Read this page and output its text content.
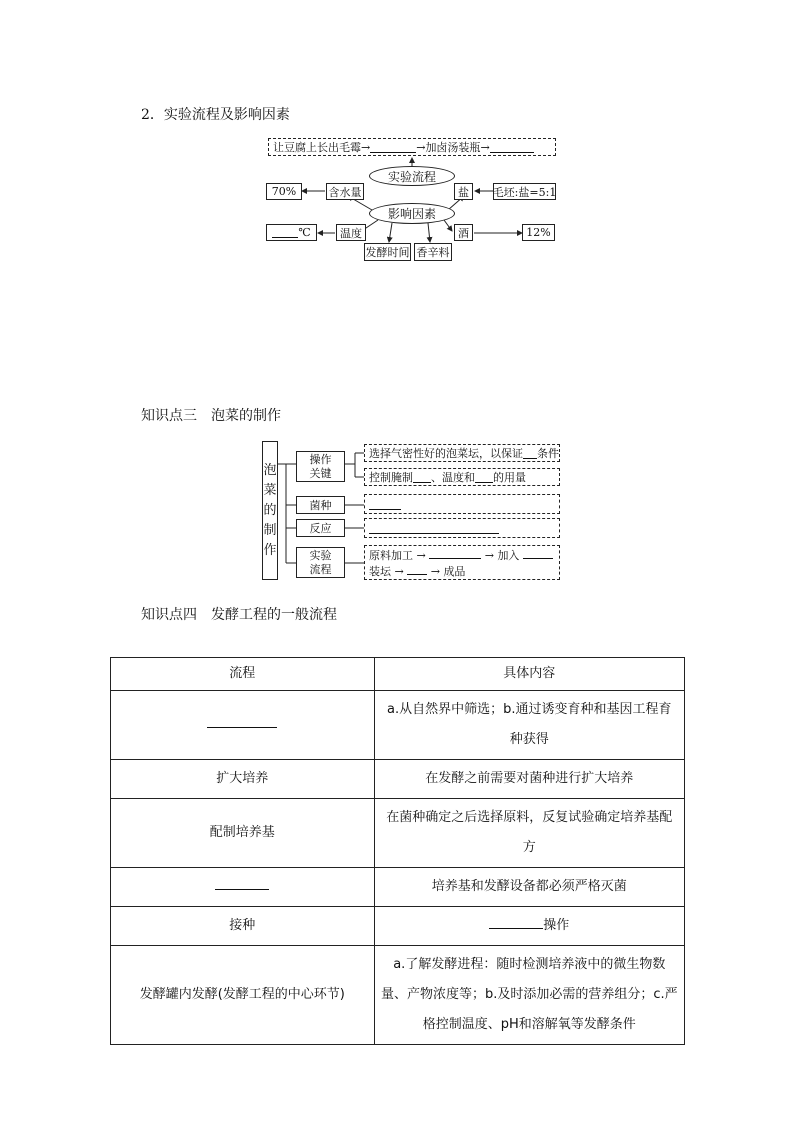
2．实验流程及影响因素
让豆腐上长出毛霉 →	→ 加卤汤装瓶 →
实验流程
影响因素
70%	含水量	盐	毛坯:盐=5:1
℃	温度	酒	12%
发酵时间 香辛料
知识点三　泡菜的制作
泡
菜
的
制
作
操作
关键
选择气密性好的泡菜坛，以保证 条件
控制腌制 、温度和 的用量
菌种
反应
实验
流程
原料加工 →	→ 加入
装坛 → → 成品
知识点四　发酵工程的一般流程
流程	具体内容
	a.从自然界中筛选；b.通过诱变育种和基因工程育种获得
扩大培养	在发酵之前需要对菌种进行扩大培养
配制培养基	在菌种确定之后选择原料，反复试验确定培养基配方
	培养基和发酵设备都必须严格灭菌
接种	操作
发酵罐内发酵(发酵工程的中心环节)	a.了解发酵进程：随时检测培养液中的微生物数量、产物浓度等；b.及时添加必需的营养组分；c.严格控制温度、pH和溶解氧等发酵条件
